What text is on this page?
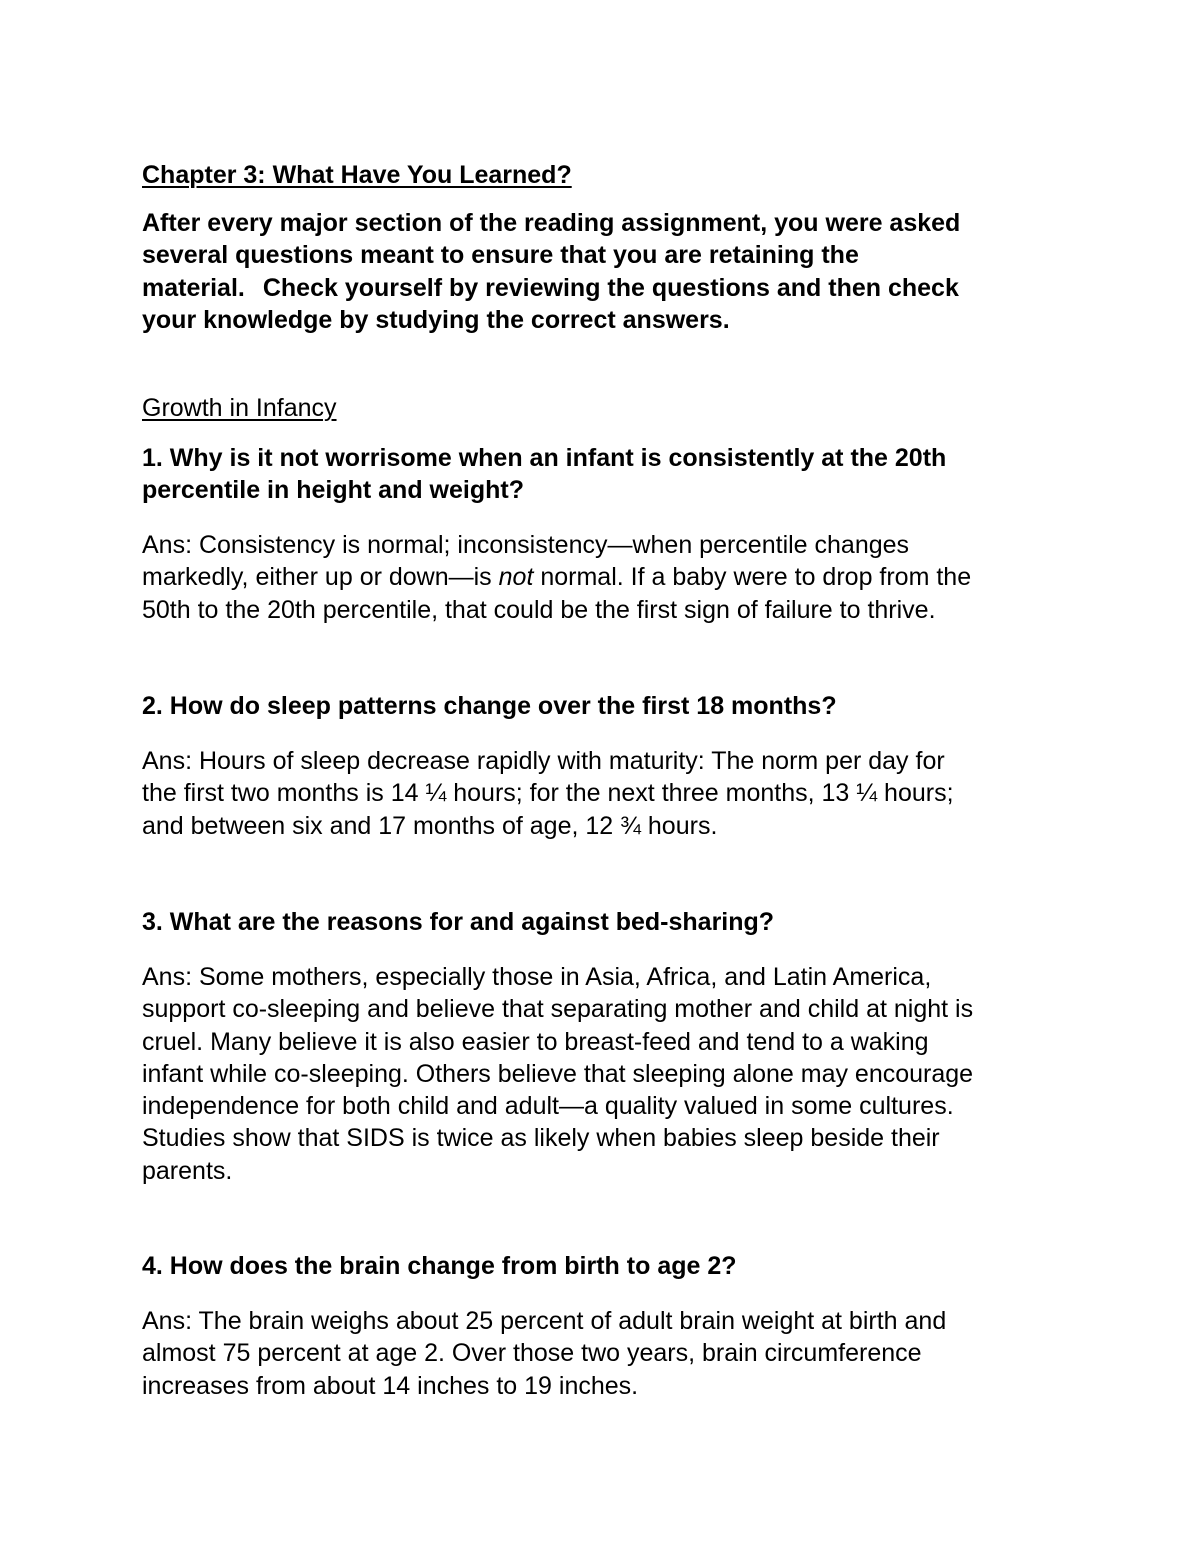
Chapter 3: What Have You Learned?
After every major section of the reading assignment, you were asked
several questions meant to ensure that you are retaining the
material. Check yourself by reviewing the questions and then check
your knowledge by studying the correct answers.
Growth in Infancy
1. Why is it not worrisome when an infant is consistently at the 20th
percentile in height and weight?
Ans: Consistency is normal; inconsistency—when percentile changes
markedly, either up or down—is not normal. If a baby were to drop from the
50th to the 20th percentile, that could be the first sign of failure to thrive.
2. How do sleep patterns change over the first 18 months?
Ans: Hours of sleep decrease rapidly with maturity: The norm per day for
the first two months is 14 ¼ hours; for the next three months, 13 ¼ hours;
and between six and 17 months of age, 12 ¾ hours.
3. What are the reasons for and against bed-sharing?
Ans: Some mothers, especially those in Asia, Africa, and Latin America,
support co-sleeping and believe that separating mother and child at night is
cruel. Many believe it is also easier to breast-feed and tend to a waking
infant while co-sleeping. Others believe that sleeping alone may encourage
independence for both child and adult—a quality valued in some cultures.
Studies show that SIDS is twice as likely when babies sleep beside their
parents.
4. How does the brain change from birth to age 2?
Ans: The brain weighs about 25 percent of adult brain weight at birth and
almost 75 percent at age 2. Over those two years, brain circumference
increases from about 14 inches to 19 inches.
